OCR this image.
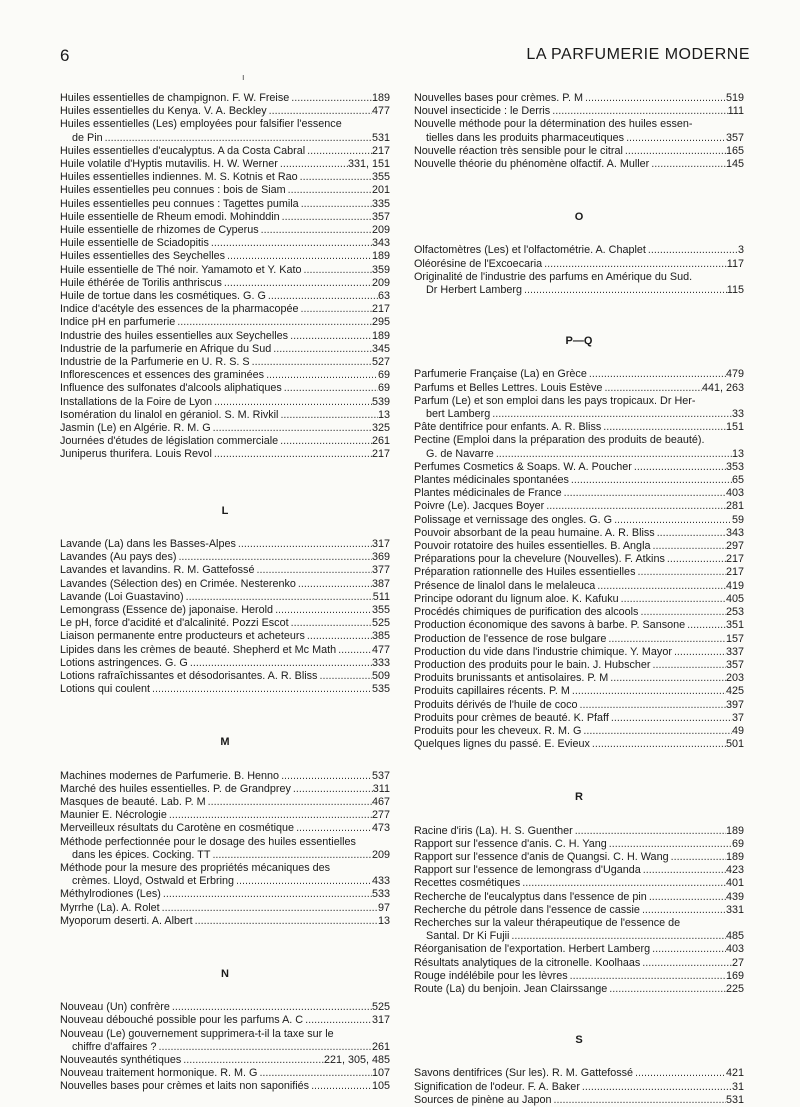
6	LA PARFUMERIE MODERNE
ı
Huiles essentielles de champignon. F. W. Freise .....	189
Huiles essentielles du Kenya. V. A. Beckley .....	477
Huiles essentielles (Les) employées pour falsifier l'essence
de Pin .....	531
Huiles essentielles d'eucalyptus. A da Costa Cabral .....	217
Huile volatile d'Hyptis mutavilis. H. W. Werner .....	331, 151
Huiles essentielles indiennes. M. S. Kotnis et Rao .....	355
Huiles essentielles peu connues : bois de Siam .....	201
Huiles essentielles peu connues : Tagettes pumila .....	335
Huile essentielle de Rheum emodi. Mohinddin .....	357
Huile essentielle de rhizomes de Cyperus .....	209
Huile essentielle de Sciadopitis .....	343
Huiles essentielles des Seychelles .....	189
Huile essentielle de Thé noir. Yamamoto et Y. Kato .....	359
Huile éthérée de Torilis anthriscus .....	209
Huile de tortue dans les cosmétiques. G. G .....	63
Indice d'acétyle des essences de la pharmacopée .....	217
Indice pH en parfumerie .....	295
Industrie des huiles essentielles aux Seychelles .....	189
Industrie de la parfumerie en Afrique du Sud .....	345
Industrie de la Parfumerie en U. R. S. S .....	527
Inflorescences et essences des graminées .....	69
Influence des sulfonates d'alcools aliphatiques .....	69
Installations de la Foire de Lyon .....	539
Isomération du linalol en géraniol. S. M. Rivkil .....	13
Jasmin (Le) en Algérie. R. M. G .....	325
Journées d'études de législation commerciale .....	261
Juniperus thurifera. Louis Revol .....	217
L
Lavande (La) dans les Basses-Alpes .....	317
Lavandes (Au pays des) .....	369
Lavandes et lavandins. R. M. Gattefossé .....	377
Lavandes (Sélection des) en Crimée. Nesterenko .....	387
Lavande (Loi Guastavino) .....	511
Lemongrass (Essence de) japonaise. Herold .....	355
Le pH, force d'acidité et d'alcalinité. Pozzi Escot .....	525
Liaison permanente entre producteurs et acheteurs .....	385
Lipides dans les crèmes de beauté. Shepherd et Mc Math .....	477
Lotions astringences. G. G .....	333
Lotions rafraîchissantes et désodorisantes. A. R. Bliss .....	509
Lotions qui coulent .....	535
M
Machines modernes de Parfumerie. B. Henno .....	537
Marché des huiles essentielles. P. de Grandprey .....	311
Masques de beauté. Lab. P. M .....	467
Maunier E. Nécrologie .....	277
Merveilleux résultats du Carotène en cosmétique .....	473
Méthode perfectionnée pour le dosage des huiles essentielles
dans les épices. Cocking. TT .....	209
Méthode pour la mesure des propriétés mécaniques des
crèmes. Lloyd, Ostwald et Erbring .....	433
Méthylrodiones (Les) .....	533
Myrrhe (La). A. Rolet .....	97
Myoporum deserti. A. Albert .....	13
N
Nouveau (Un) confrère .....	525
Nouveau débouché possible pour les parfums A. C .....	317
Nouveau (Le) gouvernement supprimera-t-il la taxe sur le
chiffre d'affaires ? .....	261
Nouveautés synthétiques .....	221, 305, 485
Nouveau traitement hormonique. R. M. G .....	107
Nouvelles bases pour crèmes et laits non saponifiés .....	105
Nouvelles bases pour crèmes. P. M .....	519
Nouvel insecticide : le Derris .....	111
Nouvelle méthode pour la détermination des huiles essen-
tielles dans les produits pharmaceutiques .....	357
Nouvelle réaction très sensible pour le citral .....	165
Nouvelle théorie du phénomène olfactif. A. Muller .....	145
O
Olfactomètres (Les) et l'olfactométrie. A. Chaplet .....	3
Oléorésine de l'Excoecaria .....	117
Originalité de l'industrie des parfums en Amérique du Sud.
Dr Herbert Lamberg .....	115
P—Q
Parfumerie Française (La) en Grèce .....	479
Parfums et Belles Lettres. Louis Estève .....	441, 263
Parfum (Le) et son emploi dans les pays tropicaux. Dr Her-
bert Lamberg .....	33
Pâte dentifrice pour enfants. A. R. Bliss .....	151
Pectine (Emploi dans la préparation des produits de beauté).
G. de Navarre .....	13
Perfumes Cosmetics & Soaps. W. A. Poucher .....	353
Plantes médicinales spontanées .....	65
Plantes médicinales de France .....	403
Poivre (Le). Jacques Boyer .....	281
Polissage et vernissage des ongles. G. G .....	59
Pouvoir absorbant de la peau humaine. A. R. Bliss .....	343
Pouvoir rotatoire des huiles essentielles. B. Angla .....	297
Préparations pour la chevelure (Nouvelles). F. Atkins .....	217
Préparation rationnelle des Huiles essentielles .....	217
Présence de linalol dans le melaleuca .....	419
Principe odorant du lignum aloe. K. Kafuku .....	405
Procédés chimiques de purification des alcools .....	253
Production économique des savons à barbe. P. Sansone .....	351
Production de l'essence de rose bulgare .....	157
Production du vide dans l'industrie chimique. Y. Mayor .....	337
Production des produits pour le bain. J. Hubscher .....	357
Produits brunissants et antisolaires. P. M .....	203
Produits capillaires récents. P. M .....	425
Produits dérivés de l'huile de coco .....	397
Produits pour crèmes de beauté. K. Pfaff .....	37
Produits pour les cheveux. R. M. G .....	49
Quelques lignes du passé. E. Evieux .....	501
R
Racine d'iris (La). H. S. Guenther .....	189
Rapport sur l'essence d'anis. C. H. Yang .....	69
Rapport sur l'essence d'anis de Quangsi. C. H. Wang .....	189
Rapport sur l'essence de lemongrass d'Uganda .....	423
Recettes cosmétiques .....	401
Recherche de l'eucalyptus dans l'essence de pin .....	439
Recherche du pétrole dans l'essence de cassie .....	331
Recherches sur la valeur thérapeutique de l'essence de
Santal. Dr Ki Fujii .....	485
Réorganisation de l'exportation. Herbert Lamberg .....	403
Résultats analytiques de la citronelle. Koolhaas .....	27
Rouge indélébile pour les lèvres .....	169
Route (La) du benjoin. Jean Clairssange .....	225
S
Savons dentifrices (Sur les). R. M. Gattefossé .....	421
Signification de l'odeur. F. A. Baker .....	31
Sources de pinène au Japon .....	531
